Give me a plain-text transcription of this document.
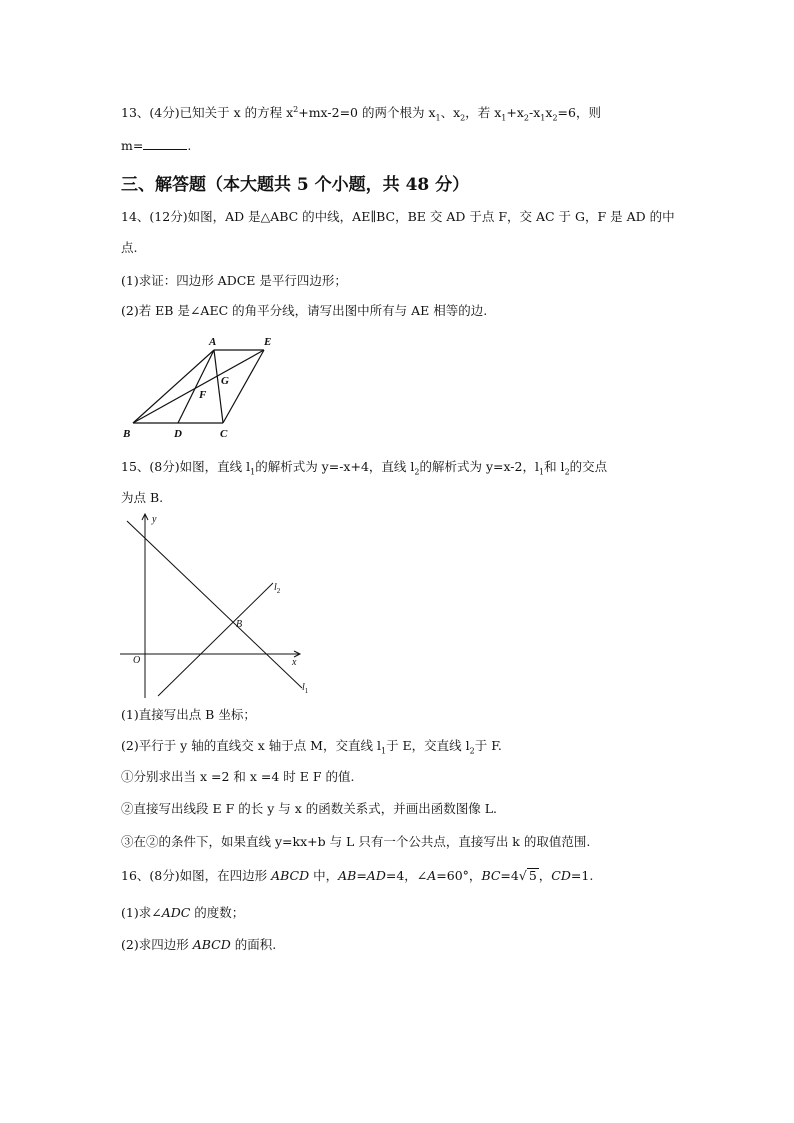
13、(4分)已知关于 x 的方程 $x^2+mx-2=0$ 的两个根为 $x_1$、$x_2$，若 $x_1+x_2-x_1x_2=6$，则
m=	.
三、解答题（本大题共 5 个小题，共 48 分）
14、(12分)如图，AD 是△ABC 的中线，AE∥BC，BE 交 AD 于点 F，交 AC 于 G，F 是 AD 的中
点.
(1)求证：四边形 ADCE 是平行四边形；
(2)若 EB 是∠AEC 的角平分线，请写出图中所有与 AE 相等的边.
A	E
G
F
B	D	C
15、(8分)如图，直线 $l_1$的解析式为 y=-x+4，直线 $l_2$的解析式为 y=x-2，$l_1$和 $l_2$的交点
为点 B.
y
x
O
B
$l_2$
$l_1$
(1)直接写出点 B 坐标；
(2)平行于 y 轴的直线交 x 轴于点 M，交直线 $l_1$于 E，交直线 $l_2$于 F.
①分别求出当 x =2 和 x =4 时 E F 的值.
②直接写出线段 E F 的长 y 与 x 的函数关系式，并画出函数图像 L.
③在②的条件下，如果直线 y=kx+b 与 L 只有一个公共点，直接写出 k 的取值范围.
16、(8分)如图，在四边形 ABCD 中，AB=AD=4，∠A=60°，BC=4√ 5 ，CD=1.
(1)求∠ADC 的度数；
(2)求四边形 ABCD 的面积.
